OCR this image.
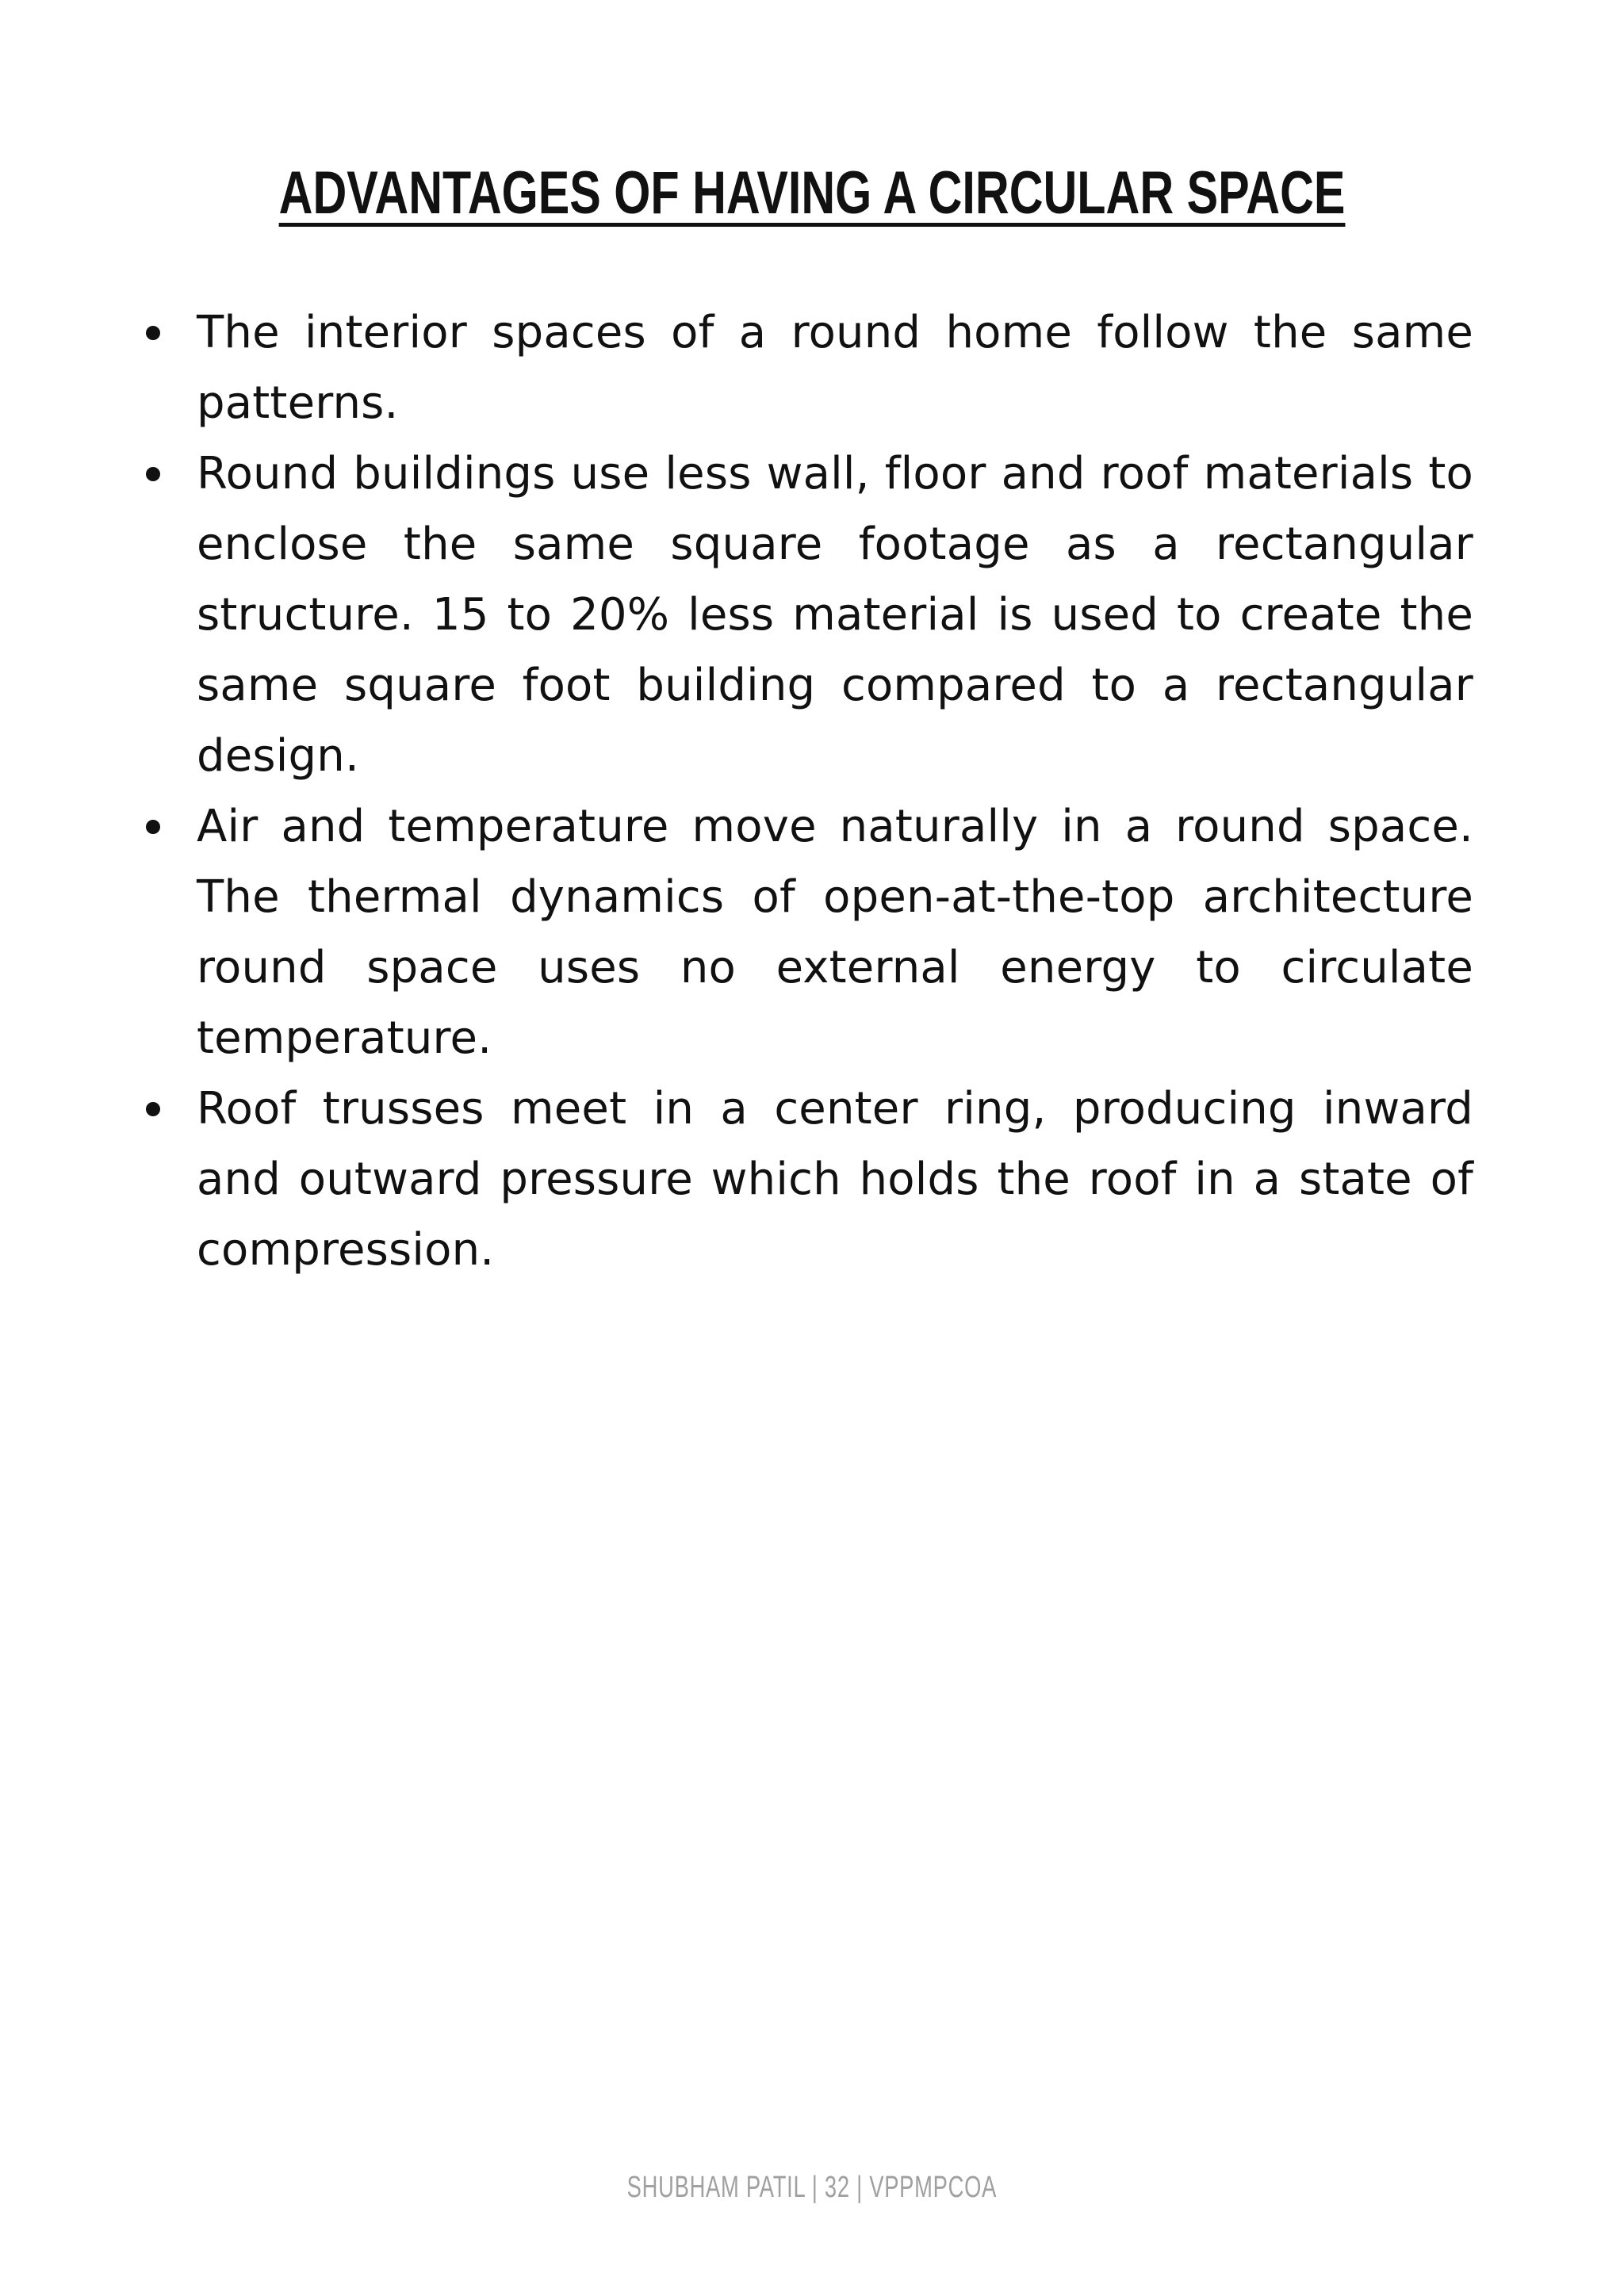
ADVANTAGES OF HAVING A CIRCULAR SPACE
The interior spaces of a round home follow the same patterns.
Round buildings use less wall, floor and roof materials to enclose the same square footage as a rectangular structure. 15 to 20% less material is used to create the same square foot building compared to a rectangular design.
Air and temperature move naturally in a round space. The thermal dynamics of open-at-the-top architecture round space uses no external energy to circulate temperature.
Roof trusses meet in a center ring, producing inward and outward pressure which holds the roof in a state of compression.
SHUBHAM PATIL | 32 | VPPMPCOA
